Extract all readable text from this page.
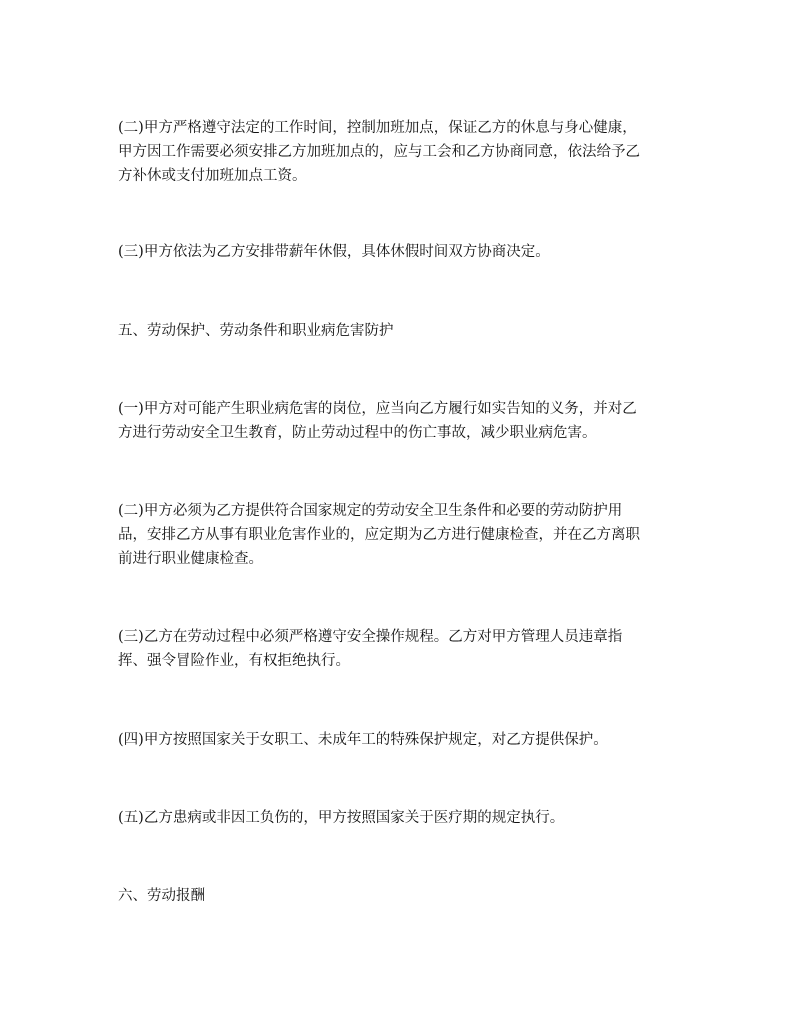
(二)甲方严格遵守法定的工作时间，控制加班加点，保证乙方的休息与身心健康，
甲方因工作需要必须安排乙方加班加点的，应与工会和乙方协商同意，依法给予乙
方补休或支付加班加点工资。

(三)甲方依法为乙方安排带薪年休假，具体休假时间双方协商决定。

五、劳动保护、劳动条件和职业病危害防护

(一)甲方对可能产生职业病危害的岗位，应当向乙方履行如实告知的义务，并对乙
方进行劳动安全卫生教育，防止劳动过程中的伤亡事故，减少职业病危害。

(二)甲方必须为乙方提供符合国家规定的劳动安全卫生条件和必要的劳动防护用
品，安排乙方从事有职业危害作业的，应定期为乙方进行健康检查，并在乙方离职
前进行职业健康检查。

(三)乙方在劳动过程中必须严格遵守安全操作规程。乙方对甲方管理人员违章指
挥、强令冒险作业，有权拒绝执行。

(四)甲方按照国家关于女职工、未成年工的特殊保护规定，对乙方提供保护。

(五)乙方患病或非因工负伤的，甲方按照国家关于医疗期的规定执行。

六、劳动报酬
